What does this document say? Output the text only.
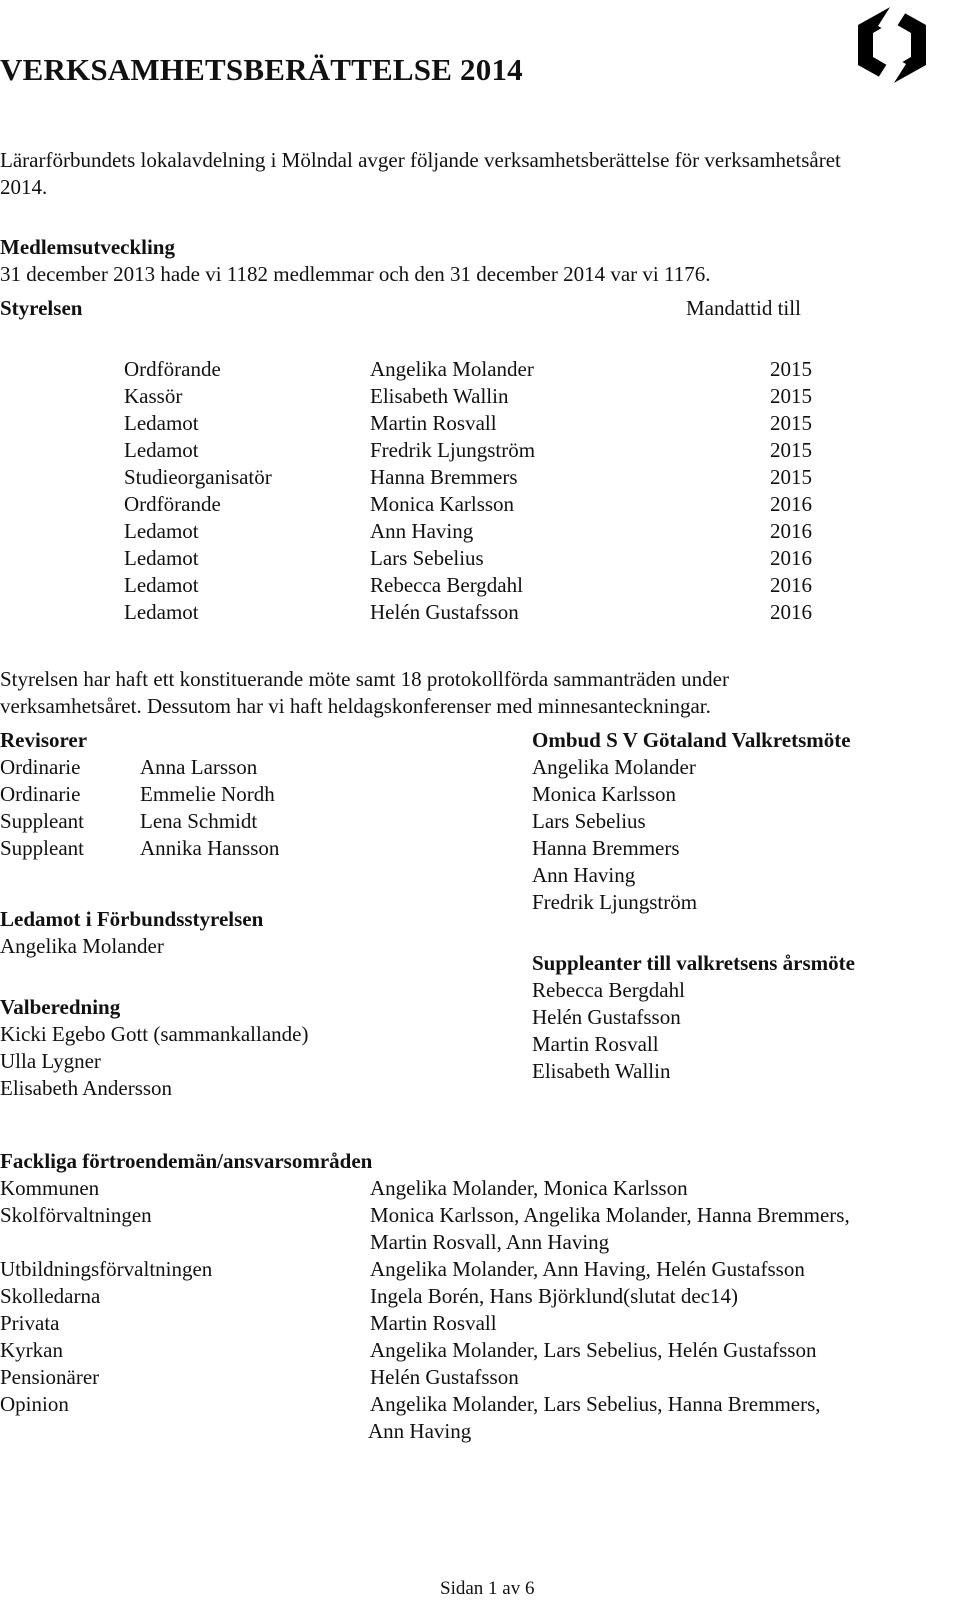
VERKSAMHETSBERÄTTELSE 2014
Lärarförbundets lokalavdelning i Mölndal avger följande verksamhetsberättelse för verksamhetsåret
2014.
Medlemsutveckling
31 december 2013 hade vi 1182 medlemmar och den 31 december 2014 var vi 1176.
Styrelsen	Mandattid till
Ordförande	Angelika Molander	2015
Kassör	Elisabeth Wallin	2015
Ledamot	Martin Rosvall	2015
Ledamot	Fredrik Ljungström	2015
Studieorganisatör	Hanna Bremmers	2015
Ordförande	Monica Karlsson	2016
Ledamot	Ann Having	2016
Ledamot	Lars Sebelius	2016
Ledamot	Rebecca Bergdahl	2016
Ledamot	Helén Gustafsson	2016
Styrelsen har haft ett konstituerande möte samt 18 protokollförda sammanträden under
verksamhetsåret. Dessutom har vi haft heldagskonferenser med minnesanteckningar.
Revisorer
Ordinarie	Anna Larsson
Ordinarie	Emmelie Nordh
Suppleant	Lena Schmidt
Suppleant	Annika Hansson
Ledamot i Förbundsstyrelsen
Angelika Molander
Valberedning
Kicki Egebo Gott (sammankallande)
Ulla Lygner
Elisabeth Andersson
Ombud S V Götaland Valkretsmöte
Angelika Molander
Monica Karlsson
Lars Sebelius
Hanna Bremmers
Ann Having
Fredrik Ljungström
Suppleanter till valkretsens årsmöte
Rebecca Bergdahl
Helén Gustafsson
Martin Rosvall
Elisabeth Wallin
Fackliga förtroendemän/ansvarsområden
Kommunen	Angelika Molander, Monica Karlsson
Skolförvaltningen	Monica Karlsson, Angelika Molander, Hanna Bremmers,
Martin Rosvall, Ann Having
Utbildningsförvaltningen	Angelika Molander, Ann Having, Helén Gustafsson
Skolledarna	Ingela Borén, Hans Björklund(slutat dec14)
Privata	Martin Rosvall
Kyrkan	Angelika Molander, Lars Sebelius, Helén Gustafsson
Pensionärer	Helén Gustafsson
Opinion	Angelika Molander, Lars Sebelius, Hanna Bremmers,
Ann Having
Sidan 1 av 6
